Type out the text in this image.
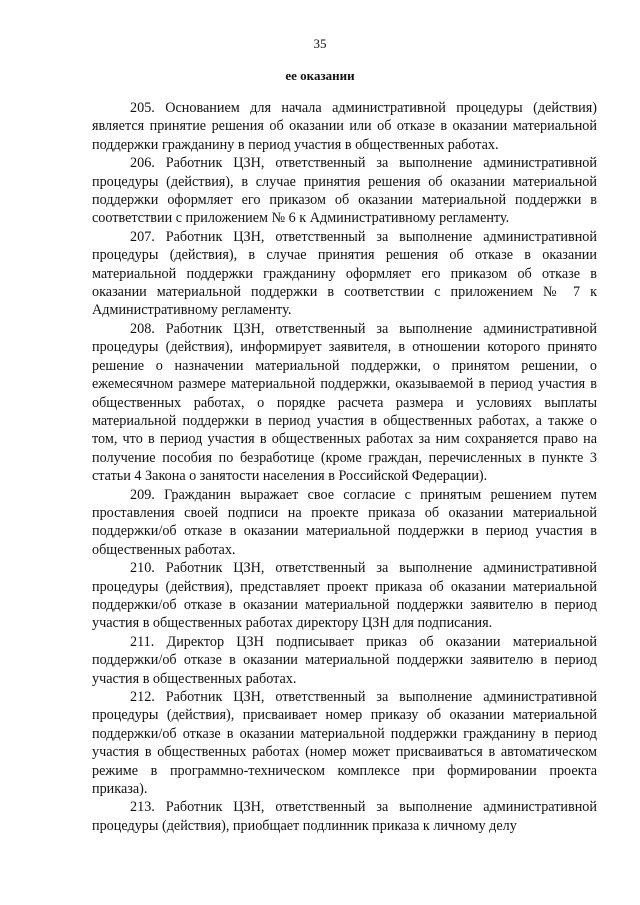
35
ее оказании

205. Основанием для начала административной процедуры (действия) является принятие решения об оказании или об отказе в оказании материальной поддержки гражданину в период участия в общественных работах.

206. Работник ЦЗН, ответственный за выполнение административной процедуры (действия), в случае принятия решения об оказании материальной поддержки оформляет его приказом об оказании материальной поддержки в соответствии с приложением № 6 к Административному регламенту.

207. Работник ЦЗН, ответственный за выполнение административной процедуры (действия), в случае принятия решения об отказе в оказании материальной поддержки гражданину оформляет его приказом об отказе в оказании материальной поддержки в соответствии с приложением № 7 к Административному регламенту.

208. Работник ЦЗН, ответственный за выполнение административной процедуры (действия), информирует заявителя, в отношении которого принято решение о назначении материальной поддержки, о принятом решении, о ежемесячном размере материальной поддержки, оказываемой в период участия в общественных работах, о порядке расчета размера и условиях выплаты материальной поддержки в период участия в общественных работах, а также о том, что в период участия в общественных работах за ним сохраняется право на получение пособия по безработице (кроме граждан, перечисленных в пункте 3 статьи 4 Закона о занятости населения в Российской Федерации).

209. Гражданин выражает свое согласие с принятым решением путем проставления своей подписи на проекте приказа об оказании материальной поддержки/об отказе в оказании материальной поддержки в период участия в общественных работах.

210. Работник ЦЗН, ответственный за выполнение административной процедуры (действия), представляет проект приказа об оказании материальной поддержки/об отказе в оказании материальной поддержки заявителю в период участия в общественных работах директору ЦЗН для подписания.

211. Директор ЦЗН подписывает приказ об оказании материальной поддержки/об отказе в оказании материальной поддержки заявителю в период участия в общественных работах.

212. Работник ЦЗН, ответственный за выполнение административной процедуры (действия), присваивает номер приказу об оказании материальной поддержки/об отказе в оказании материальной поддержки гражданину в период участия в общественных работах (номер может присваиваться в автоматическом режиме в программно-техническом комплексе при формировании проекта приказа).

213. Работник ЦЗН, ответственный за выполнение административной процедуры (действия), приобщает подлинник приказа к личному делу
